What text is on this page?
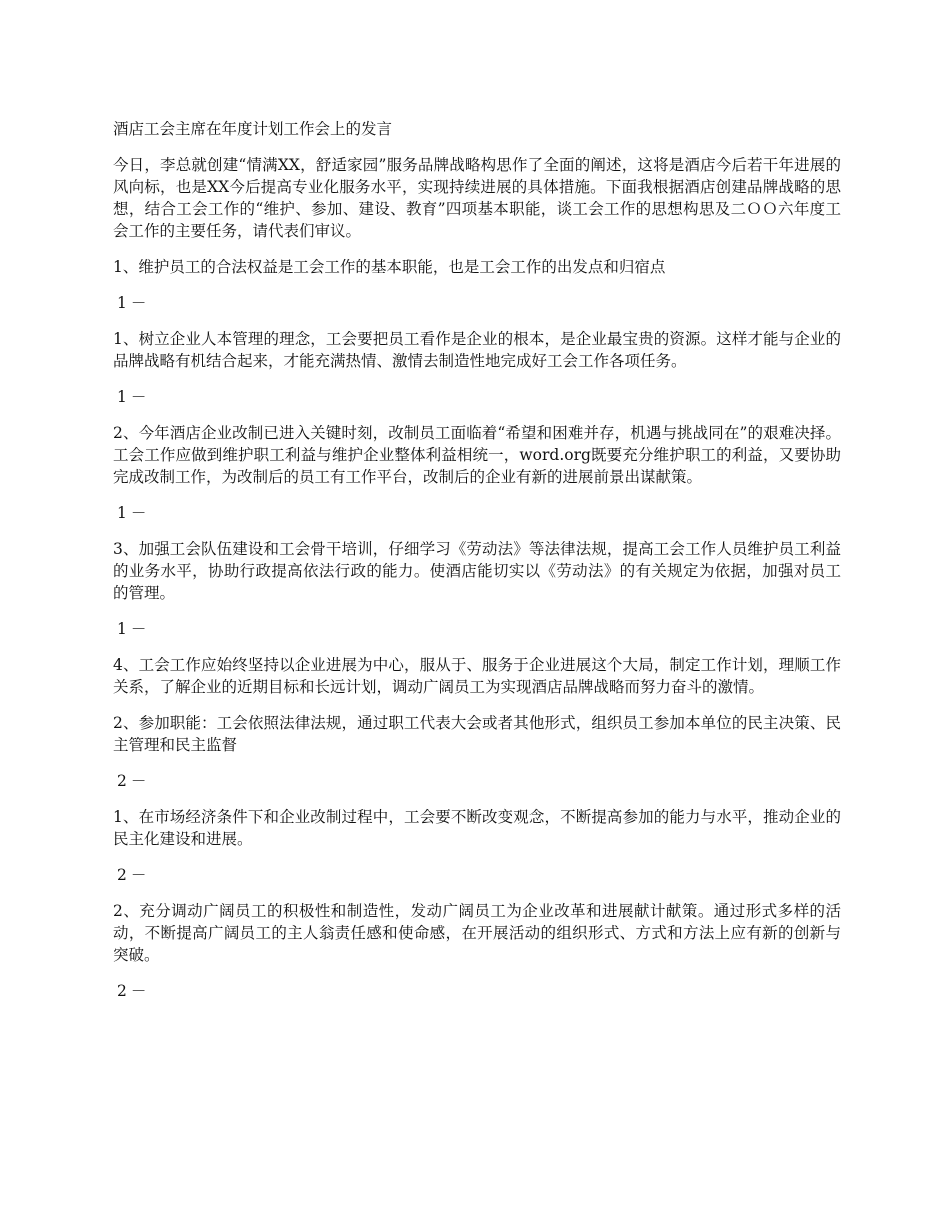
酒店工会主席在年度计划工作会上的发言

今日，李总就创建“情满XX，舒适家园”服务品牌战略构思作了全面的阐述，这将是酒店今后若干年进展的风向标，也是XX今后提高专业化服务水平，实现持续进展的具体措施。下面我根据酒店创建品牌战略的思想，结合工会工作的“维护、参加、建设、教育”四项基本职能，谈工会工作的思想构思及二ＯＯ六年度工会工作的主要任务，请代表们审议。

1、维护员工的合法权益是工会工作的基本职能，也是工会工作的出发点和归宿点

1－

1、树立企业人本管理的理念，工会要把员工看作是企业的根本，是企业最宝贵的资源。这样才能与企业的品牌战略有机结合起来，才能充满热情、激情去制造性地完成好工会工作各项任务。

1－

2、今年酒店企业改制已进入关键时刻，改制员工面临着“希望和困难并存，机遇与挑战同在”的艰难决择。工会工作应做到维护职工利益与维护企业整体利益相统一，word.org既要充分维护职工的利益，又要协助完成改制工作，为改制后的员工有工作平台，改制后的企业有新的进展前景出谋献策。

1－

3、加强工会队伍建设和工会骨干培训，仔细学习《劳动法》等法律法规，提高工会工作人员维护员工利益的业务水平，协助行政提高依法行政的能力。使酒店能切实以《劳动法》的有关规定为依据，加强对员工的管理。

1－

4、工会工作应始终坚持以企业进展为中心，服从于、服务于企业进展这个大局，制定工作计划，理顺工作关系，了解企业的近期目标和长远计划，调动广阔员工为实现酒店品牌战略而努力奋斗的激情。

2、参加职能：工会依照法律法规，通过职工代表大会或者其他形式，组织员工参加本单位的民主决策、民主管理和民主监督

2－

1、在市场经济条件下和企业改制过程中，工会要不断改变观念，不断提高参加的能力与水平，推动企业的民主化建设和进展。

2－

2、充分调动广阔员工的积极性和制造性，发动广阔员工为企业改革和进展献计献策。通过形式多样的活动，不断提高广阔员工的主人翁责任感和使命感，在开展活动的组织形式、方式和方法上应有新的创新与突破。

2－
